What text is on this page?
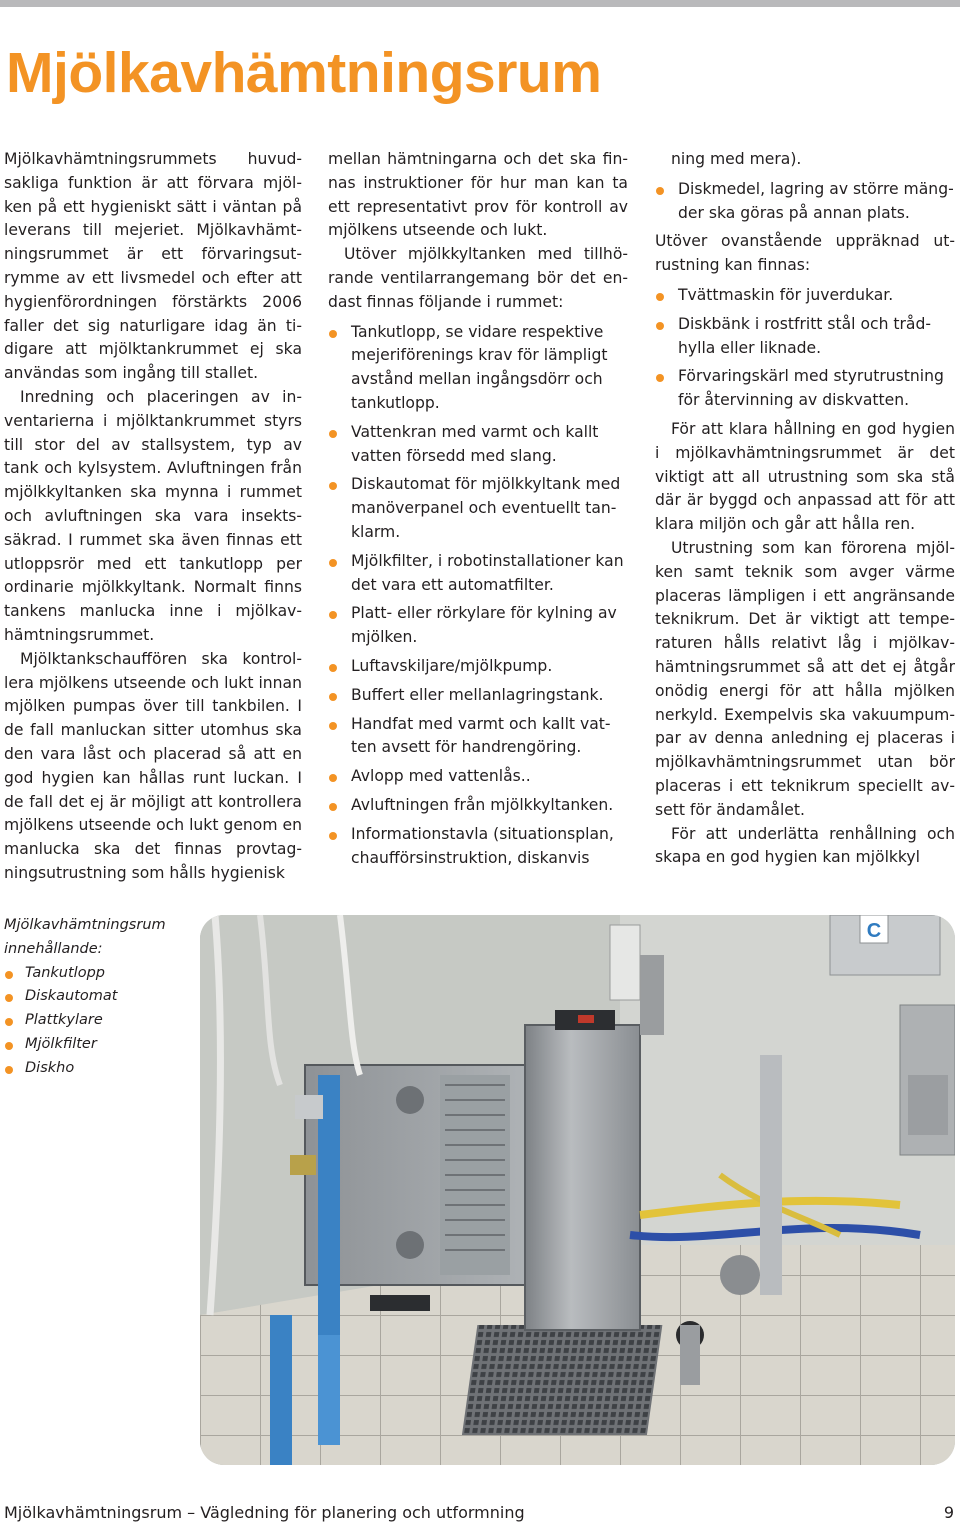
Mjölkavhämtningsrum

Mjölkavhämtningsrummets huvudsakliga funktion är att förvara mjölken på ett hygieniskt sätt i väntan på leverans till mejeriet. Mjölkavhämtningsrummet är ett förvaringsutrymme av ett livsmedel och efter att hygienförordningen förstärkts 2006 faller det sig naturligare idag än tidigare att mjölktankrummet ej ska användas som ingång till stallet.

Inredning och placeringen av inventarierna i mjölktankrummet styrs till stor del av stallsystem, typ av tank och kylsystem. Avluftningen från mjölkkyltanken ska mynna i rummet och avluftningen ska vara insektssäkrad. I rummet ska även finnas ett utloppsrör med ett tankutlopp per ordinarie mjölkkyltank. Normalt finns tankens manlucka inne i mjölkavhämtningsrummet.

Mjölktankschauffören ska kontrollera mjölkens utseende och lukt innan mjölken pumpas över till tankbilen. I de fall manluckan sitter utomhus ska den vara låst och placerad så att en god hygien kan hållas runt luckan. I de fall det ej är möjligt att kontrollera mjölkens utseende och lukt genom en manlucka ska det finnas provtagningsutrustning som hålls hygienisk

mellan hämtningarna och det ska finnas instruktioner för hur man kan ta ett representativt prov för kontroll av mjölkens utseende och lukt.

Utöver mjölkkyltanken med tillhörande ventilarrangemang bör det endast finnas följande i rummet:

Tankutlopp, se vidare respektive mejeriförenings krav för lämpligt avstånd mellan ingångsdörr och tankutlopp.
Vattenkran med varmt och kallt vatten försedd med slang.
Diskautomat för mjölkkyltank med manöverpanel och eventuellt tanklarm.
Mjölkfilter, i robotinstallationer kan det vara ett automatfilter.
Platt- eller rörkylare för kylning av mjölken.
Luftavskiljare/mjölkpump.
Buffert eller mellanlagringstank.
Handfat med varmt och kallt vatten avsett för handrengöring.
Avlopp med vattenlås..
Avluftningen från mjölkkyltanken.
Informationstavla (situationsplan, chaufförsinstruktion, diskanvis

ning med mera).

Diskmedel, lagring av större mängder ska göras på annan plats.

Utöver ovanstående uppräknad utrustning kan finnas:

Tvättmaskin för juverdukar.
Diskbänk i rostfritt stål och trådhylla eller liknade.
Förvaringskärl med styrutrustning för återvinning av diskvatten.

För att klara hållning en god hygien i mjölkavhämtningsrummet är det viktigt att all utrustning som ska stå där är byggd och anpassad att för att klara miljön och går att hålla ren.

Utrustning som kan förorena mjölken samt teknik som avger värme placeras lämpligen i ett angränsande teknikrum. Det är viktigt att temperaturen hålls relativt låg i mjölkavhämtningsrummet så att det ej åtgår onödig energi för att hålla mjölken nerkyld. Exempelvis ska vakuumpumpar av denna anledning ej placeras i mjölkavhämtningsrummet utan bör placeras i ett teknikrum speciellt avsett för ändamålet.

För att underlätta renhållning och skapa en god hygien kan mjölkkyl

Mjölkavhämtningsrum
innehållande:
Tankutlopp
Diskautomat
Plattkylare
Mjölkfilter
Diskho
C
Mjölkavhämtningsrum – Vägledning för planering och utformning	9
